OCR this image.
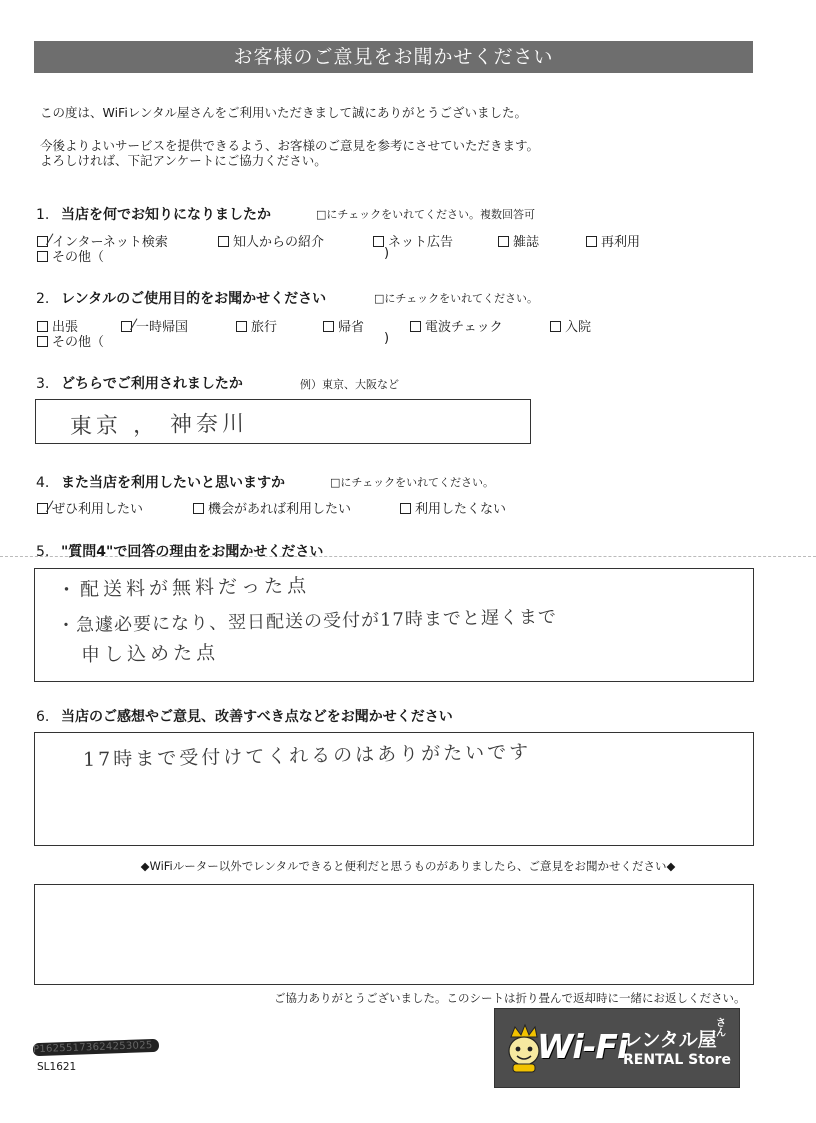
お客様のご意見をお聞かせください
この度は、WiFiレンタル屋さんをご利用いただきまして誠にありがとうございました。
今後よりよいサービスを提供できるよう、お客様のご意見を参考にさせていただきます。
よろしければ、下記アンケートにご協力ください。
1. 当店を何でお知りになりましたか	□にチェックをいれてください。複数回答可
インターネット検索	知人からの紹介	ネット広告	雑誌	再利用
その他（	)
2. レンタルのご使用目的をお聞かせください	□にチェックをいれてください。
出張	一時帰国	旅行	帰省	電波チェック	入院
その他（	)
3. どちらでご利用されましたか	例）東京、大阪など
東京 ， 神奈川
4. また当店を利用したいと思いますか	□にチェックをいれてください。
ぜひ利用したい	機会があれば利用したい	利用したくない
5. "質問4"で回答の理由をお聞かせください
・配送料が無料だった点
・急遽必要になり、翌日配送の受付が17時までと遅くまで
申し込めた点
6. 当店のご感想やご意見、改善すべき点などをお聞かせください
17時まで受付けてくれるのはありがたいです
◆WiFiルーター以外でレンタルできると便利だと思うものがありましたら、ご意見をお聞かせください◆
ご協力ありがとうございました。このシートは折り畳んで返却時に一緒にお返しください。
P16255173624253025
SL1621
Wi-Fi
レンタル屋
さん
RENTAL Store
